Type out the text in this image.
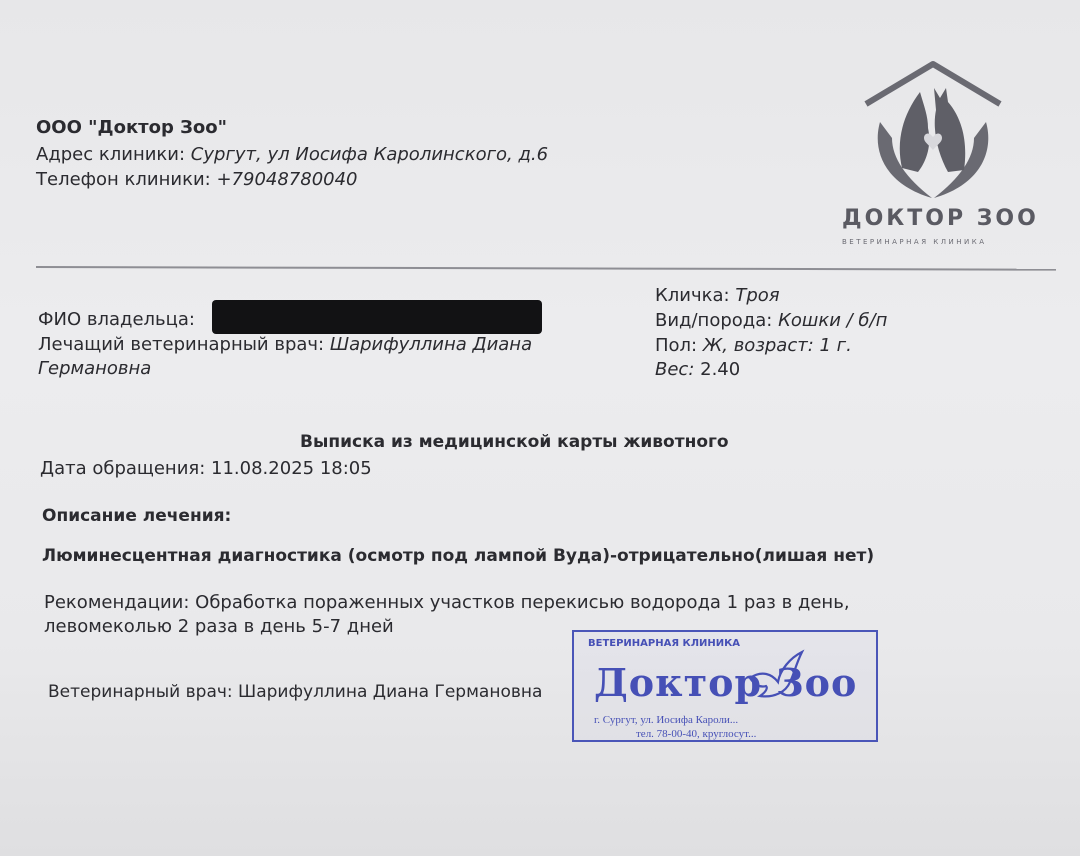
ООО "Доктор Зоо"
Адрес клиники: Сургут, ул Иосифа Каролинского, д.6
Телефон клиники: +79048780040
ДОКТОР ЗОО
ВЕТЕРИНАРНАЯ КЛИНИКА
ФИО владельца:
Лечащий ветеринарный врач: Шарифуллина Диана
Германовна
Кличка: Троя
Вид/порода: Кошки / б/п
Пол: Ж, возраст: 1 г.
Вес: 2.40
Выписка из медицинской карты животного
Дата обращения: 11.08.2025 18:05
Описание лечения:
Люминесцентная диагностика (осмотр под лампой Вуда)-отрицательно(лишая нет)
Рекомендации: Обработка пораженных участков перекисью водорода 1 раз в день,
левомеколью 2 раза в день 5-7 дней
Ветеринарный врач: Шарифуллина Диана Германовна
ВЕТЕРИНАРНАЯ КЛИНИКА
Доктор Зоо
г. Сургут, ул. Иосифа Кароли...
тел. 78-00-40, круглосут...
